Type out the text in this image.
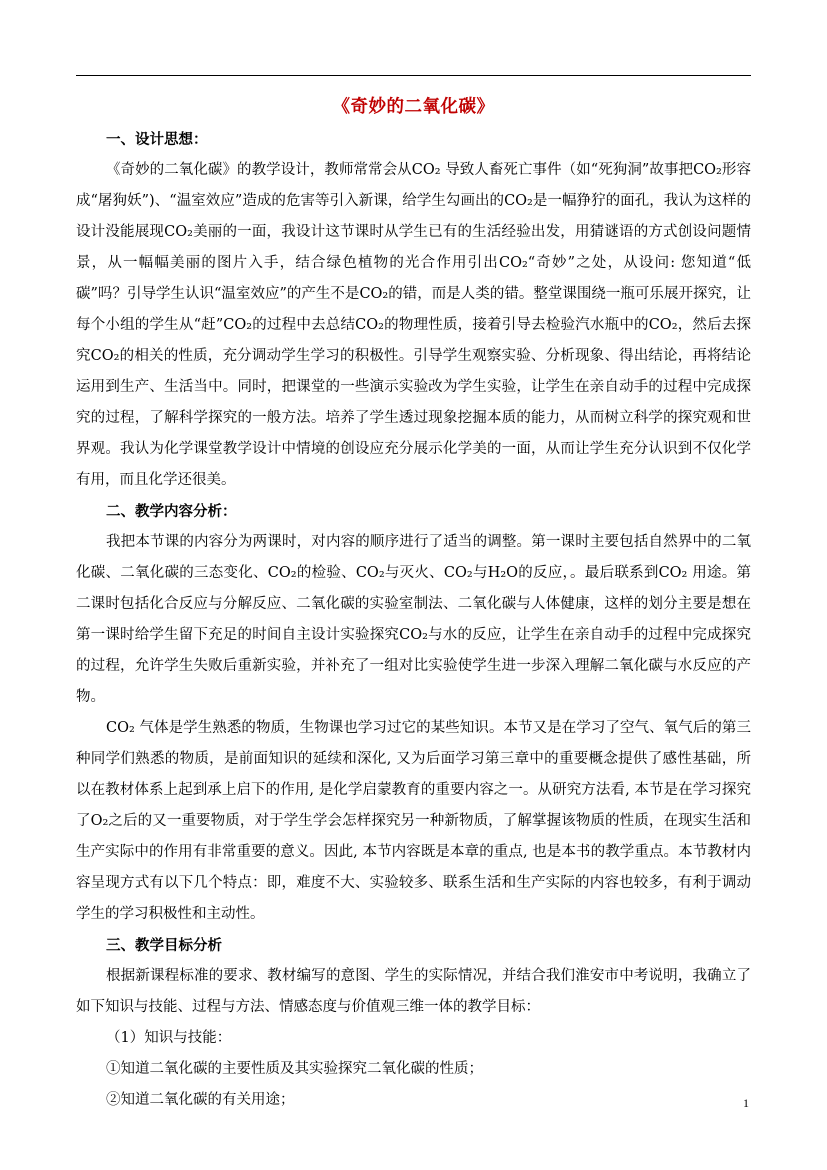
《奇妙的二氧化碳》

一、设计思想：

《奇妙的二氧化碳》的教学设计，教师常常会从CO₂ 导致人畜死亡事件（如“死狗洞”故事把CO₂形容成“屠狗妖”)、“温室效应”造成的危害等引入新课，给学生勾画出的CO₂是一幅狰狞的面孔，我认为这样的设计没能展现CO₂美丽的一面，我设计这节课时从学生已有的生活经验出发，用猜谜语的方式创设问题情景，从一幅幅美丽的图片入手，结合绿色植物的光合作用引出CO₂“奇妙”之处，从设问: 您知道“低碳”吗？引导学生认识“温室效应”的产生不是CO₂的错，而是人类的错。整堂课围绕一瓶可乐展开探究，让每个小组的学生从“赶”CO₂的过程中去总结CO₂的物理性质，接着引导去检验汽水瓶中的CO₂，然后去探究CO₂的相关的性质，充分调动学生学习的积极性。引导学生观察实验、分析现象、得出结论，再将结论运用到生产、生活当中。同时，把课堂的一些演示实验改为学生实验，让学生在亲自动手的过程中完成探究的过程，了解科学探究的一般方法。培养了学生透过现象挖掘本质的能力，从而树立科学的探究观和世界观。我认为化学课堂教学设计中情境的创设应充分展示化学美的一面，从而让学生充分认识到不仅化学有用，而且化学还很美。

二、教学内容分析：

我把本节课的内容分为两课时，对内容的顺序进行了适当的调整。第一课时主要包括自然界中的二氧化碳、二氧化碳的三态变化、CO₂的检验、CO₂与灭火、CO₂与H₂O的反应，。最后联系到CO₂ 用途。第二课时包括化合反应与分解反应、二氧化碳的实验室制法、二氧化碳与人体健康，这样的划分主要是想在第一课时给学生留下充足的时间自主设计实验探究CO₂与水的反应，让学生在亲自动手的过程中完成探究的过程，允许学生失败后重新实验，并补充了一组对比实验使学生进一步深入理解二氧化碳与水反应的产物。

CO₂ 气体是学生熟悉的物质，生物课也学习过它的某些知识。本节又是在学习了空气、氧气后的第三种同学们熟悉的物质，是前面知识的延续和深化, 又为后面学习第三章中的重要概念提供了感性基础，所以在教材体系上起到承上启下的作用, 是化学启蒙教育的重要内容之一。从研究方法看, 本节是在学习探究了O₂之后的又一重要物质，对于学生学会怎样探究另一种新物质，了解掌握该物质的性质，在现实生活和生产实际中的作用有非常重要的意义。因此, 本节内容既是本章的重点, 也是本书的教学重点。本节教材内容呈现方式有以下几个特点：即，难度不大、实验较多、联系生活和生产实际的内容也较多，有利于调动学生的学习积极性和主动性。

三、教学目标分析

根据新课程标准的要求、教材编写的意图、学生的实际情况，并结合我们淮安市中考说明，我确立了如下知识与技能、过程与方法、情感态度与价值观三维一体的教学目标：

（1）知识与技能：

①知道二氧化碳的主要性质及其实验探究二氧化碳的性质；

②知道二氧化碳的有关用途；	1
